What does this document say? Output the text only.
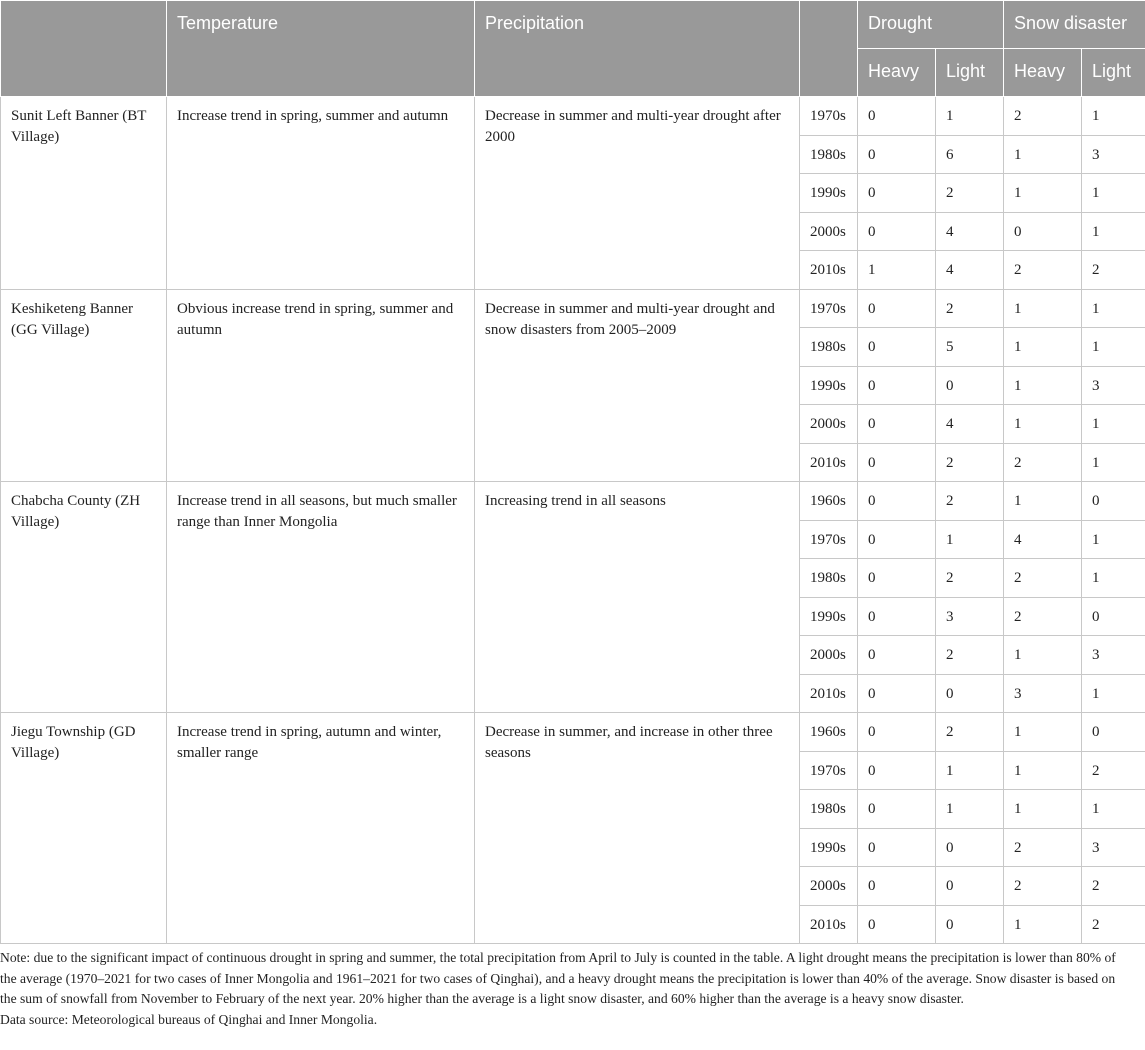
	Temperature	Precipitation		Drought		Snow disaster	
				Heavy	Light	Heavy	Light
Sunit Left Banner (BT Village)	Increase trend in spring, summer and autumn	Decrease in summer and multi-year drought after 2000	1970s	0	1	2	1
			1980s	0	6	1	3
			1990s	0	2	1	1
			2000s	0	4	0	1
			2010s	1	4	2	2
Keshiketeng Banner (GG Village)	Obvious increase trend in spring, summer and autumn	Decrease in summer and multi-year drought and snow disasters from 2005–2009	1970s	0	2	1	1
			1980s	0	5	1	1
			1990s	0	0	1	3
			2000s	0	4	1	1
			2010s	0	2	2	1
Chabcha County (ZH Village)	Increase trend in all seasons, but much smaller range than Inner Mongolia	Increasing trend in all seasons	1960s	0	2	1	0
			1970s	0	1	4	1
			1980s	0	2	2	1
			1990s	0	3	2	0
			2000s	0	2	1	3
			2010s	0	0	3	1
Jiegu Township (GD Village)	Increase trend in spring, autumn and winter, smaller range	Decrease in summer, and increase in other three seasons	1960s	0	2	1	0
			1970s	0	1	1	2
			1980s	0	1	1	1
			1990s	0	0	2	3
			2000s	0	0	2	2
			2010s	0	0	1	2

Note: due to the significant impact of continuous drought in spring and summer, the total precipitation from April to July is counted in the table. A light drought means the precipitation is lower than 80% of the average (1970–2021 for two cases of Inner Mongolia and 1961–2021 for two cases of Qinghai), and a heavy drought means the precipitation is lower than 40% of the average. Snow disaster is based on the sum of snowfall from November to February of the next year. 20% higher than the average is a light snow disaster, and 60% higher than the average is a heavy snow disaster.

Data source: Meteorological bureaus of Qinghai and Inner Mongolia.
